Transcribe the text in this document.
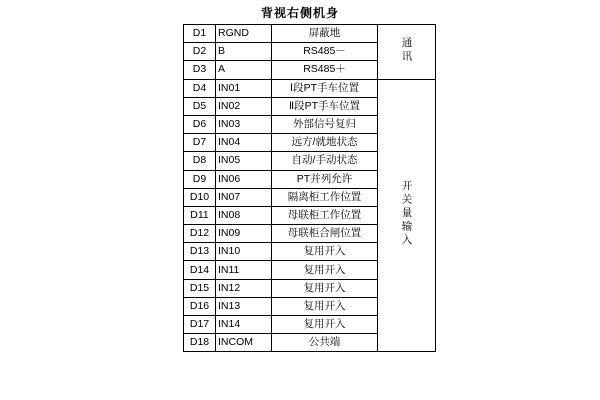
背视右侧机身
D1	RGND	屏蔽地	通讯
D2	B	RS485－	
D3	A	RS485＋	
D4	IN01	Ⅰ段PT手车位置	开关量输入
D5	IN02	Ⅱ段PT手车位置	
D6	IN03	外部信号复归	
D7	IN04	远方/就地状态	
D8	IN05	自动/手动状态	
D9	IN06	PT并列允许	
D10	IN07	隔离柜工作位置	
D11	IN08	母联柜工作位置	
D12	IN09	母联柜合闸位置	
D13	IN10	复用开入	
D14	IN11	复用开入	
D15	IN12	复用开入	
D16	IN13	复用开入	
D17	IN14	复用开入	
D18	INCOM	公共端	
